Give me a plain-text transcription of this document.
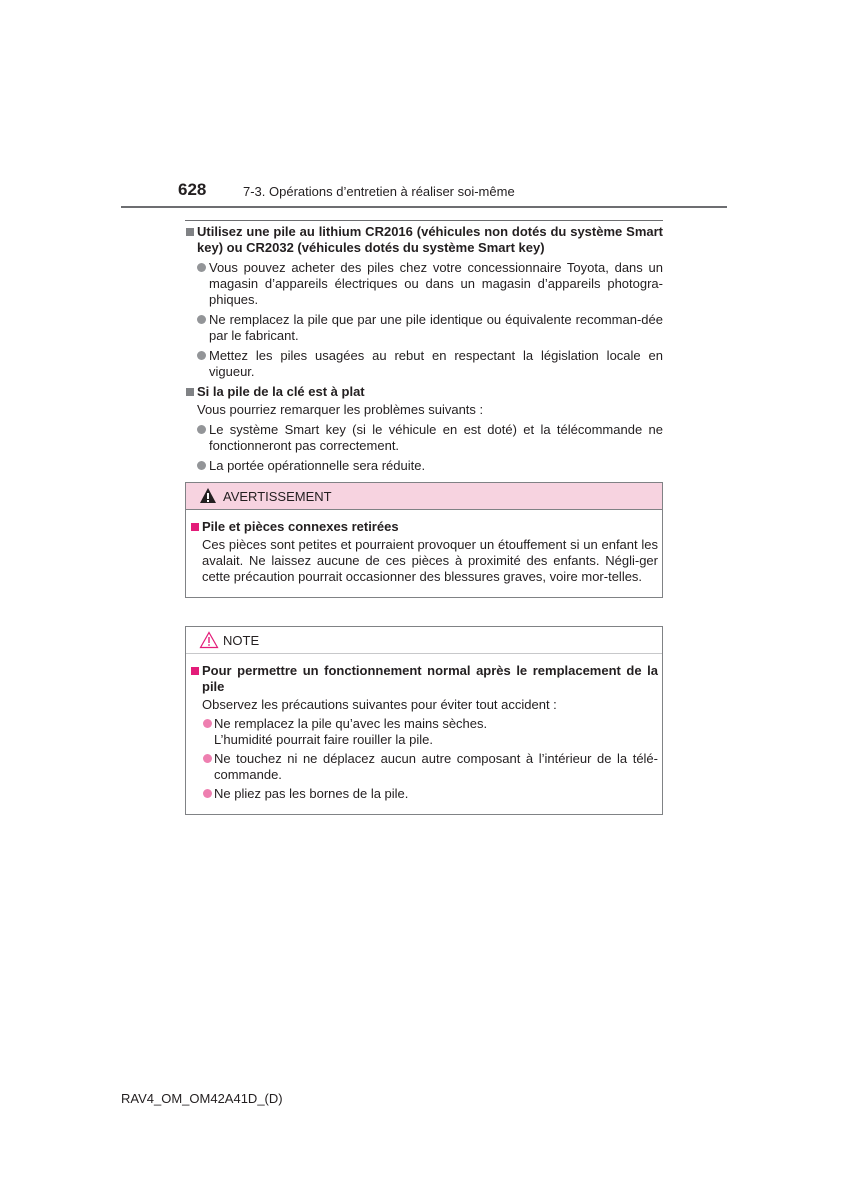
628	7-3. Opérations d’entretien à réaliser soi-même
Utilisez une pile au lithium CR2016 (véhicules non dotés du système Smart key) ou CR2032 (véhicules dotés du système Smart key)
Vous pouvez acheter des piles chez votre concessionnaire Toyota, dans un magasin d’appareils électriques ou dans un magasin d’appareils photogra-phiques.
Ne remplacez la pile que par une pile identique ou équivalente recomman-dée par le fabricant.
Mettez les piles usagées au rebut en respectant la législation locale en vigueur.
Si la pile de la clé est à plat
Vous pourriez remarquer les problèmes suivants :
Le système Smart key (si le véhicule en est doté) et la télécommande ne fonctionneront pas correctement.
La portée opérationnelle sera réduite.
AVERTISSEMENT
Pile et pièces connexes retirées
Ces pièces sont petites et pourraient provoquer un étouffement si un enfant les avalait. Ne laissez aucune de ces pièces à proximité des enfants. Négli-ger cette précaution pourrait occasionner des blessures graves, voire mor-telles.
NOTE
Pour permettre un fonctionnement normal après le remplacement de la pile
Observez les précautions suivantes pour éviter tout accident :
Ne remplacez la pile qu’avec les mains sèches.
L’humidité pourrait faire rouiller la pile.
Ne touchez ni ne déplacez aucun autre composant à l’intérieur de la télé-commande.
Ne pliez pas les bornes de la pile.
RAV4_OM_OM42A41D_(D)
